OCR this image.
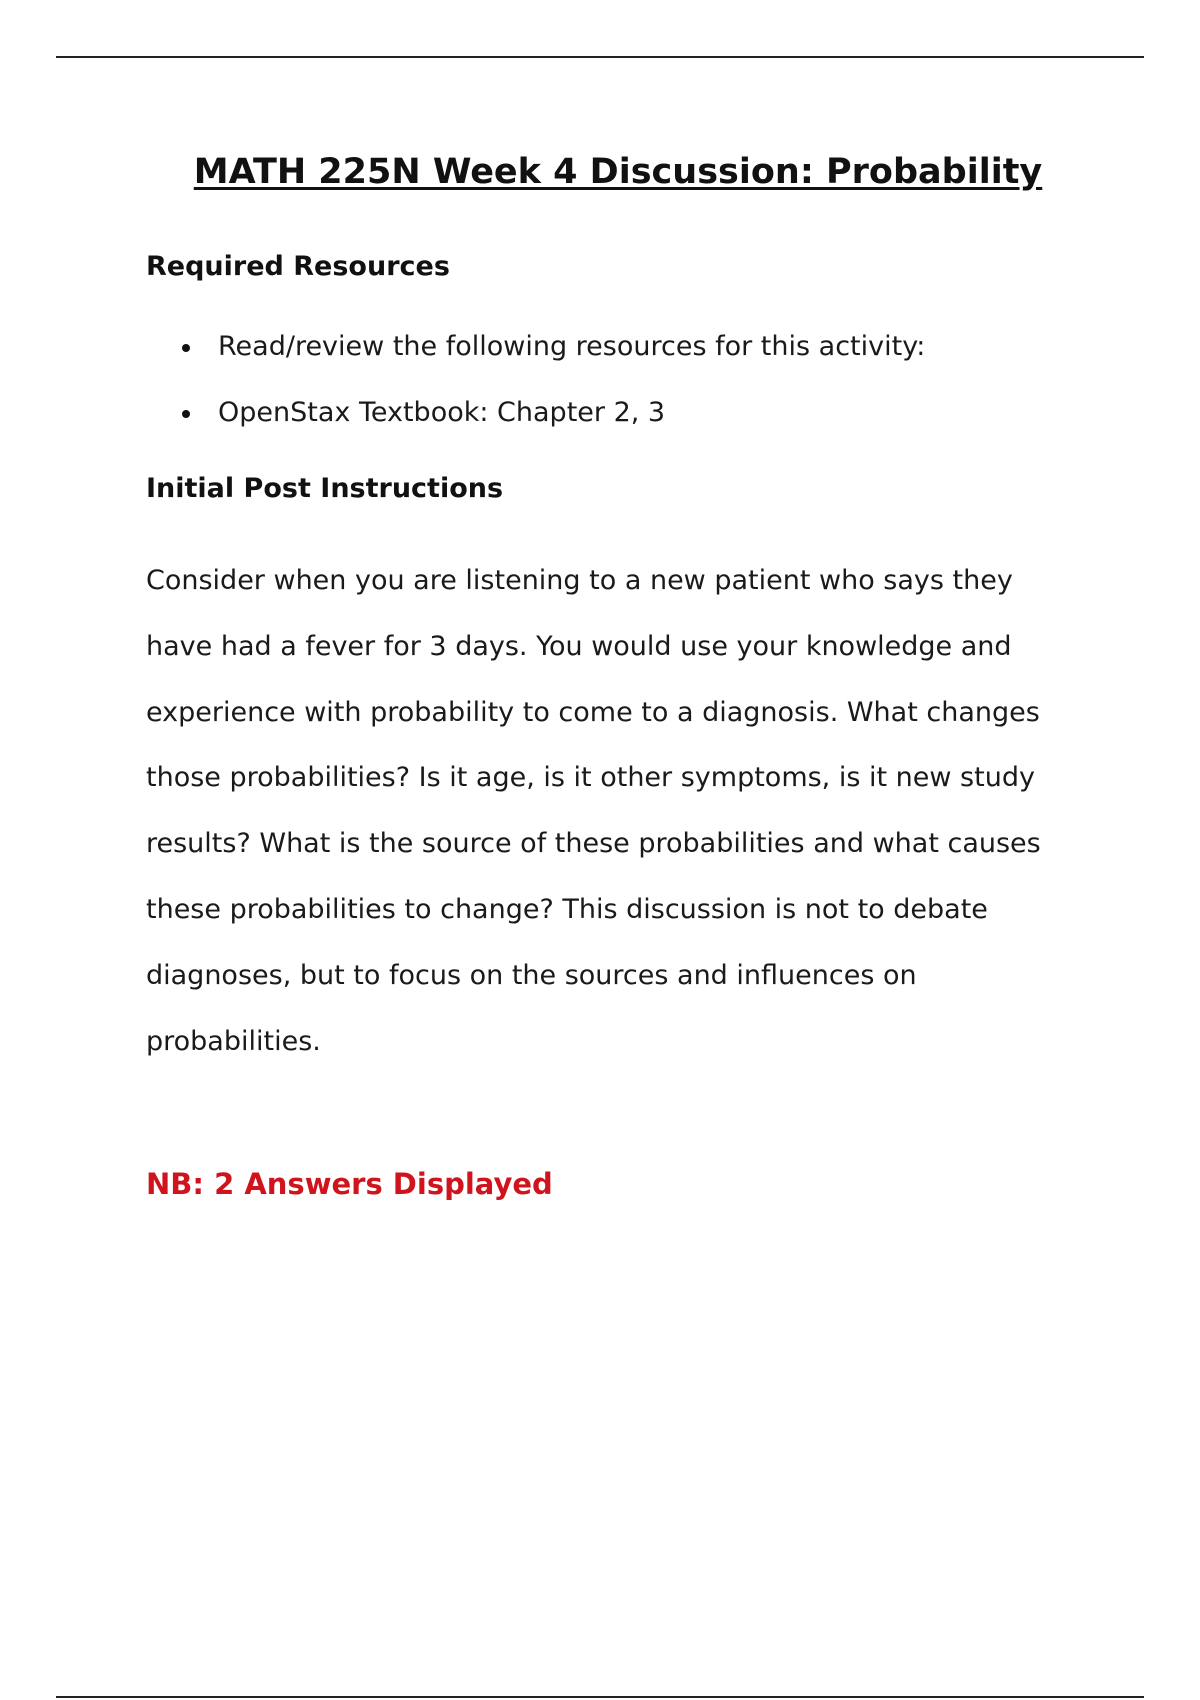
MATH 225N Week 4 Discussion: Probability
Required Resources
Read/review the following resources for this activity:
OpenStax Textbook: Chapter 2, 3
Initial Post Instructions

Consider when you are listening to a new patient who says they have had a fever for 3 days. You would use your knowledge and experience with probability to come to a diagnosis. What changes those probabilities? Is it age, is it other symptoms, is it new study results? What is the source of these probabilities and what causes these probabilities to change? This discussion is not to debate diagnoses, but to focus on the sources and influences on probabilities.

NB: 2 Answers Displayed
